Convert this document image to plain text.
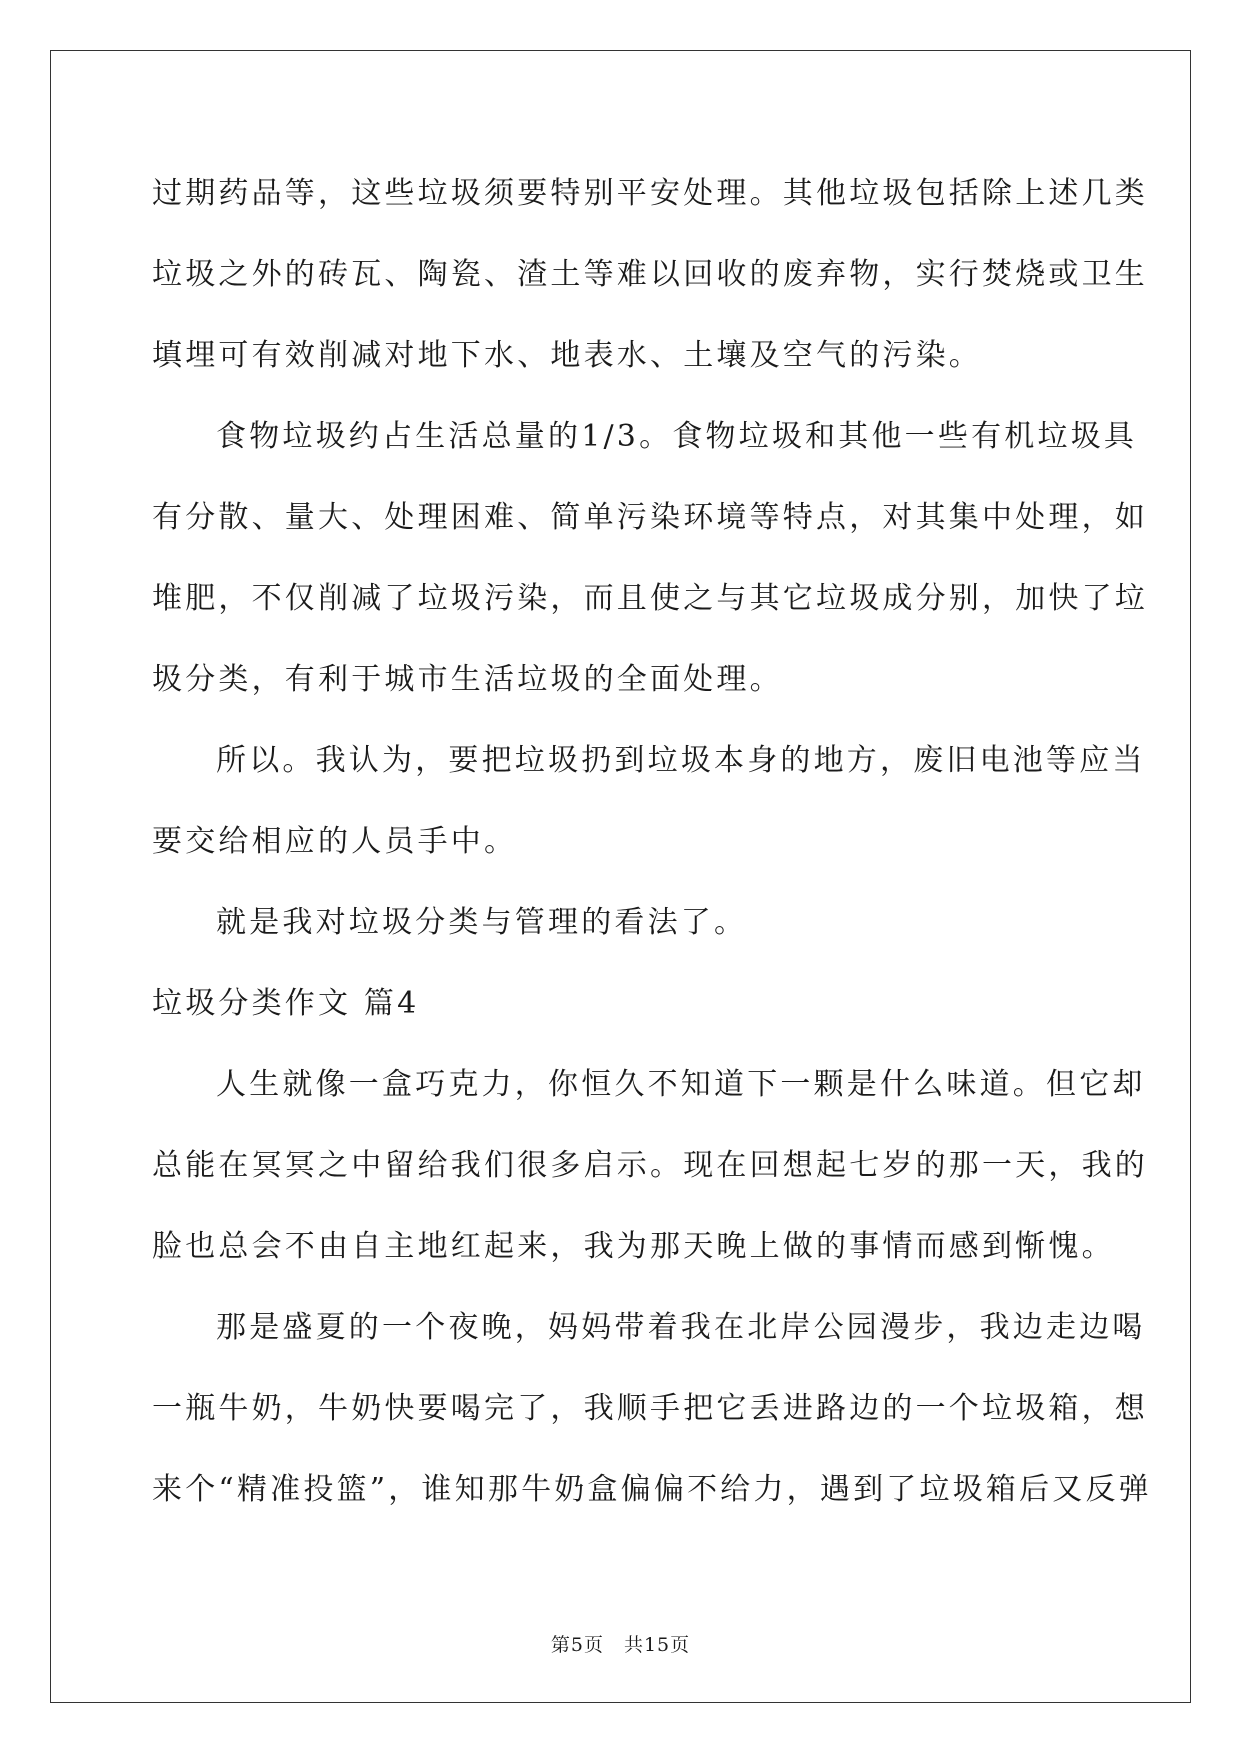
过期药品等，这些垃圾须要特别平安处理。其他垃圾包括除上述几类
垃圾之外的砖瓦、陶瓷、渣土等难以回收的废弃物，实行焚烧或卫生
填埋可有效削减对地下水、地表水、土壤及空气的污染。
食物垃圾约占生活总量的1/3。食物垃圾和其他一些有机垃圾具
有分散、量大、处理困难、简单污染环境等特点，对其集中处理，如
堆肥，不仅削减了垃圾污染，而且使之与其它垃圾成分别，加快了垃
圾分类，有利于城市生活垃圾的全面处理。
所以。我认为，要把垃圾扔到垃圾本身的地方，废旧电池等应当
要交给相应的人员手中。
就是我对垃圾分类与管理的看法了。
垃圾分类作文 篇4
人生就像一盒巧克力，你恒久不知道下一颗是什么味道。但它却
总能在冥冥之中留给我们很多启示。现在回想起七岁的那一天，我的
脸也总会不由自主地红起来，我为那天晚上做的事情而感到惭愧。
那是盛夏的一个夜晚，妈妈带着我在北岸公园漫步，我边走边喝
一瓶牛奶，牛奶快要喝完了，我顺手把它丢进路边的一个垃圾箱，想
来个“精准投篮”，谁知那牛奶盒偏偏不给力，遇到了垃圾箱后又反弹
第5页　共15页
